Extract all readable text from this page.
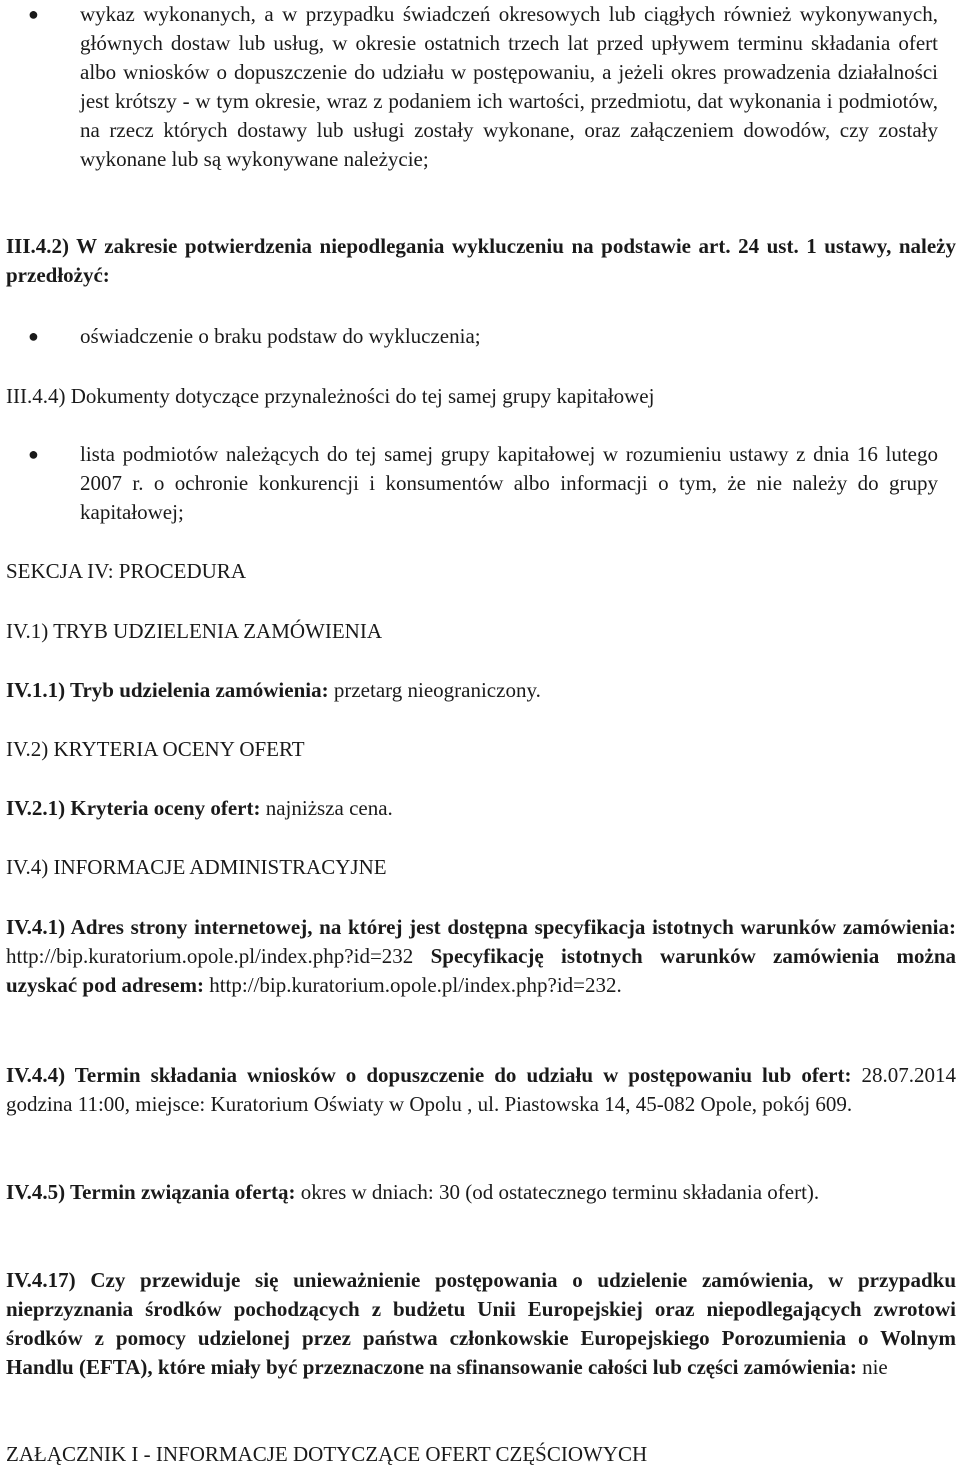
● wykaz wykonanych, a w przypadku świadczeń okresowych lub ciągłych również wykonywanych, głównych dostaw lub usług, w okresie ostatnich trzech lat przed upływem terminu składania ofert albo wniosków o dopuszczenie do udziału w postępowaniu, a jeżeli okres prowadzenia działalności jest krótszy - w tym okresie, wraz z podaniem ich wartości, przedmiotu, dat wykonania i podmiotów, na rzecz których dostawy lub usługi zostały wykonane, oraz załączeniem dowodów, czy zostały wykonane lub są wykonywane należycie;

III.4.2) W zakresie potwierdzenia niepodlegania wykluczeniu na podstawie art. 24 ust. 1 ustawy, należy przedłożyć:

● oświadczenie o braku podstaw do wykluczenia;

III.4.4) Dokumenty dotyczące przynależności do tej samej grupy kapitałowej

● lista podmiotów należących do tej samej grupy kapitałowej w rozumieniu ustawy z dnia 16 lutego 2007 r. o ochronie konkurencji i konsumentów albo informacji o tym, że nie należy do grupy kapitałowej;

SEKCJA IV: PROCEDURA

IV.1) TRYB UDZIELENIA ZAMÓWIENIA

IV.1.1) Tryb udzielenia zamówienia: przetarg nieograniczony.

IV.2) KRYTERIA OCENY OFERT

IV.2.1) Kryteria oceny ofert: najniższa cena.

IV.4) INFORMACJE ADMINISTRACYJNE

IV.4.1) Adres strony internetowej, na której jest dostępna specyfikacja istotnych warunków zamówienia: http://bip.kuratorium.opole.pl/index.php?id=232 Specyfikację istotnych warunków zamówienia można uzyskać pod adresem: http://bip.kuratorium.opole.pl/index.php?id=232.

IV.4.4) Termin składania wniosków o dopuszczenie do udziału w postępowaniu lub ofert: 28.07.2014 godzina 11:00, miejsce: Kuratorium Oświaty w Opolu , ul. Piastowska 14, 45-082 Opole, pokój 609.

IV.4.5) Termin związania ofertą: okres w dniach: 30 (od ostatecznego terminu składania ofert).

IV.4.17) Czy przewiduje się unieważnienie postępowania o udzielenie zamówienia, w przypadku nieprzyznania środków pochodzących z budżetu Unii Europejskiej oraz niepodlegających zwrotowi środków z pomocy udzielonej przez państwa członkowskie Europejskiego Porozumienia o Wolnym Handlu (EFTA), które miały być przeznaczone na sfinansowanie całości lub części zamówienia: nie

ZAŁĄCZNIK I - INFORMACJE DOTYCZĄCE OFERT CZĘŚCIOWYCH
